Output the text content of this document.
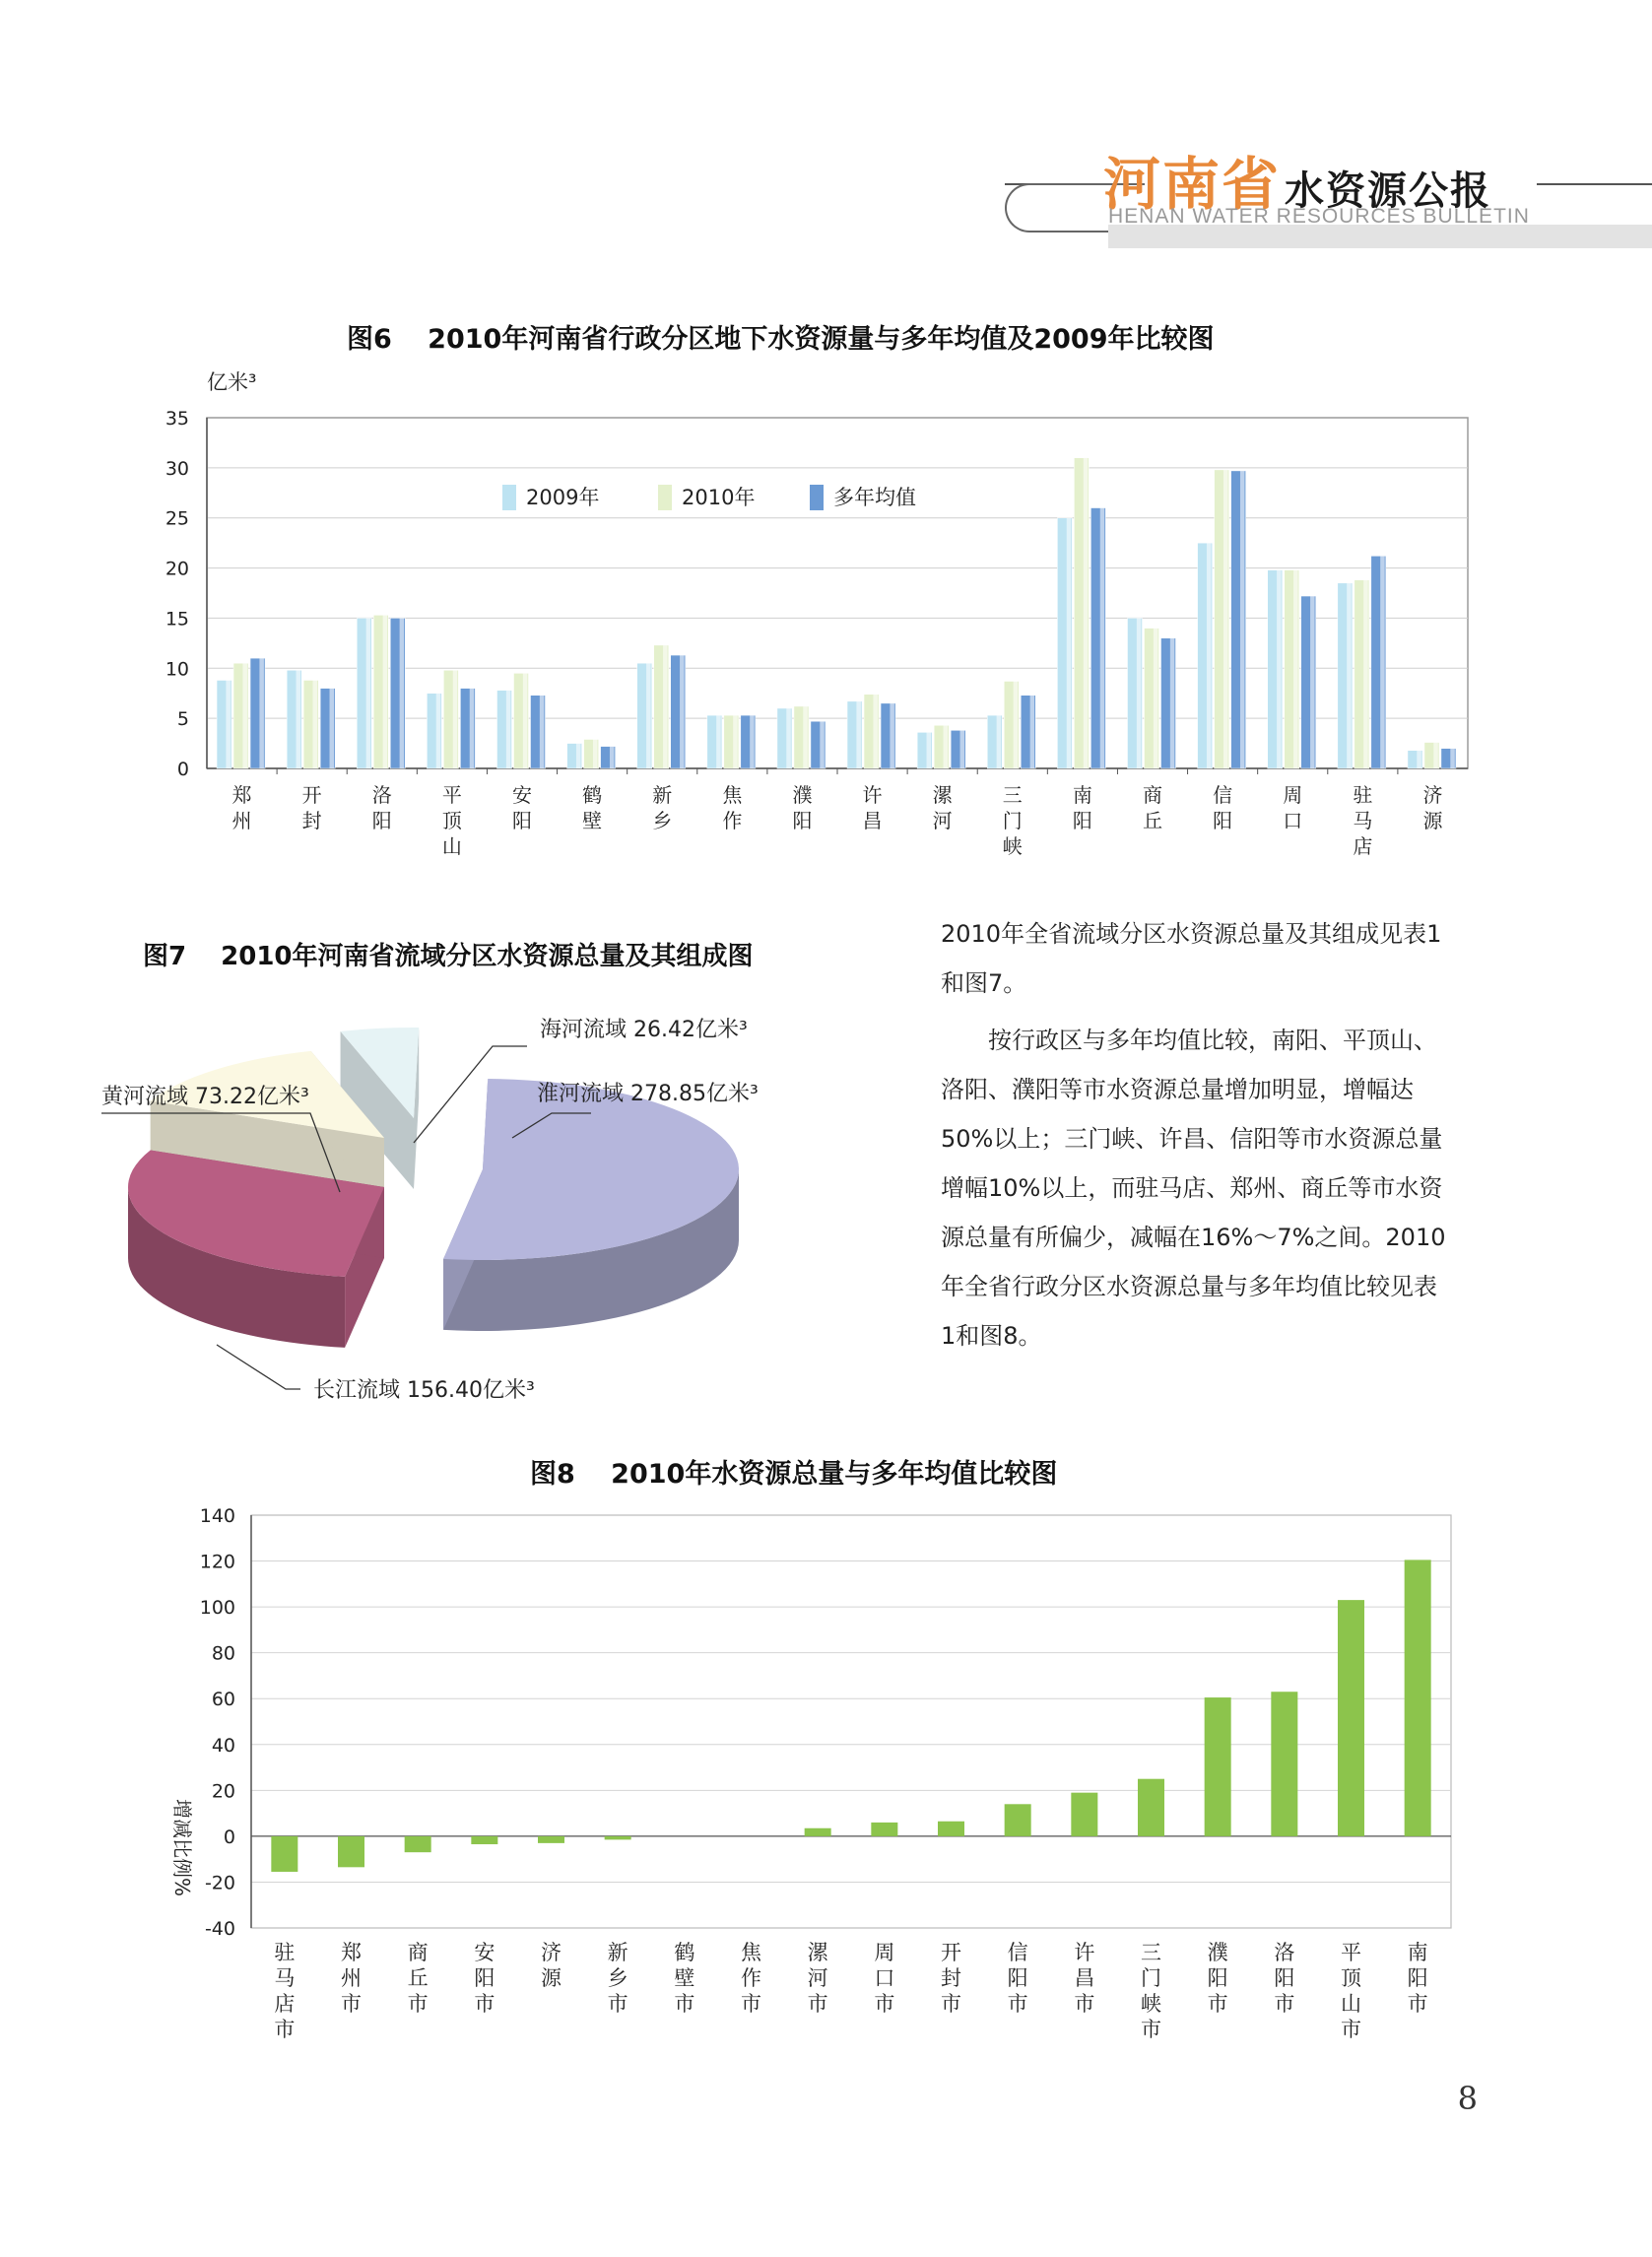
河南省 水资源公报
HENAN WATER RESOURCES BULLETIN
图6　 2010年河南省行政分区地下水资源量与多年均值及2009年比较图
亿米³
0
5
10
15
20
25
30
35
郑
州
开
封
洛
阳
平
顶
山
安
阳
鹤
壁
新
乡
焦
作
濮
阳
许
昌
漯
河
三
门
峡
南
阳
商
丘
信
阳
周
口
驻
马
店
济
源
2009年	2010年	多年均值
图7　 2010年河南省流域分区水资源总量及其组成图
淮河流域 278.85亿米³
长江流域 156.40亿米³
黄河流域 73.22亿米³
海河流域 26.42亿米³

2010年全省流域分区水资源总量及其组成见表1

和图7。

　　按行政区与多年均值比较，南阳、平顶山、

洛阳、濮阳等市水资源总量增加明显，增幅达

50%以上；三门峡、许昌、信阳等市水资源总量

增幅10%以上，而驻马店、郑州、商丘等市水资

源总量有所偏少，减幅在16%～7%之间。2010

年全省行政分区水资源总量与多年均值比较见表

1和图8。

图8　 2010年水资源总量与多年均值比较图
-40
-20
0
20
40
60
80
100
120
140
增减比例%
驻
马
店
市
郑
州
市
商
丘
市
安
阳
市
济
源
新
乡
市
鹤
壁
市
焦
作
市
漯
河
市
周
口
市
开
封
市
信
阳
市
许
昌
市
三
门
峡
市
濮
阳
市
洛
阳
市
平
顶
山
市
南
阳
市
8
